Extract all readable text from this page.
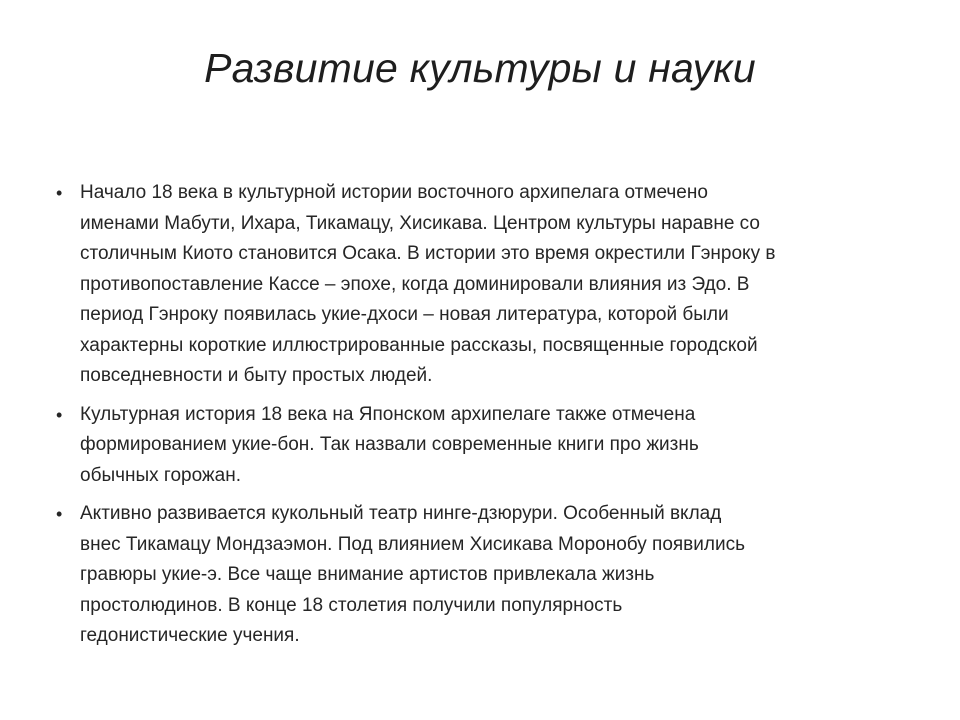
Развитие культуры и науки
• Начало 18 века в культурной истории восточного архипелага отмечено
именами Мабути, Ихара, Тикамацу, Хисикава. Центром культуры наравне со
столичным Киото становится Осака. В истории это время окрестили Гэнроку в
противопоставление Кассе – эпохе, когда доминировали влияния из Эдо. В
период Гэнроку появилась укие-дхоси – новая литература, которой были
характерны короткие иллюстрированные рассказы, посвященные городской
повседневности и быту простых людей.
• Культурная история 18 века на Японском архипелаге также отмечена
формированием укие-бон. Так назвали современные книги про жизнь
обычных горожан.
• Активно развивается кукольный театр нинге-дзюрури. Особенный вклад
внес Тикамацу Мондзаэмон. Под влиянием Хисикава Моронобу появились
гравюры укие-э. Все чаще внимание артистов привлекала жизнь
простолюдинов. В конце 18 столетия получили популярность
гедонистические учения.
